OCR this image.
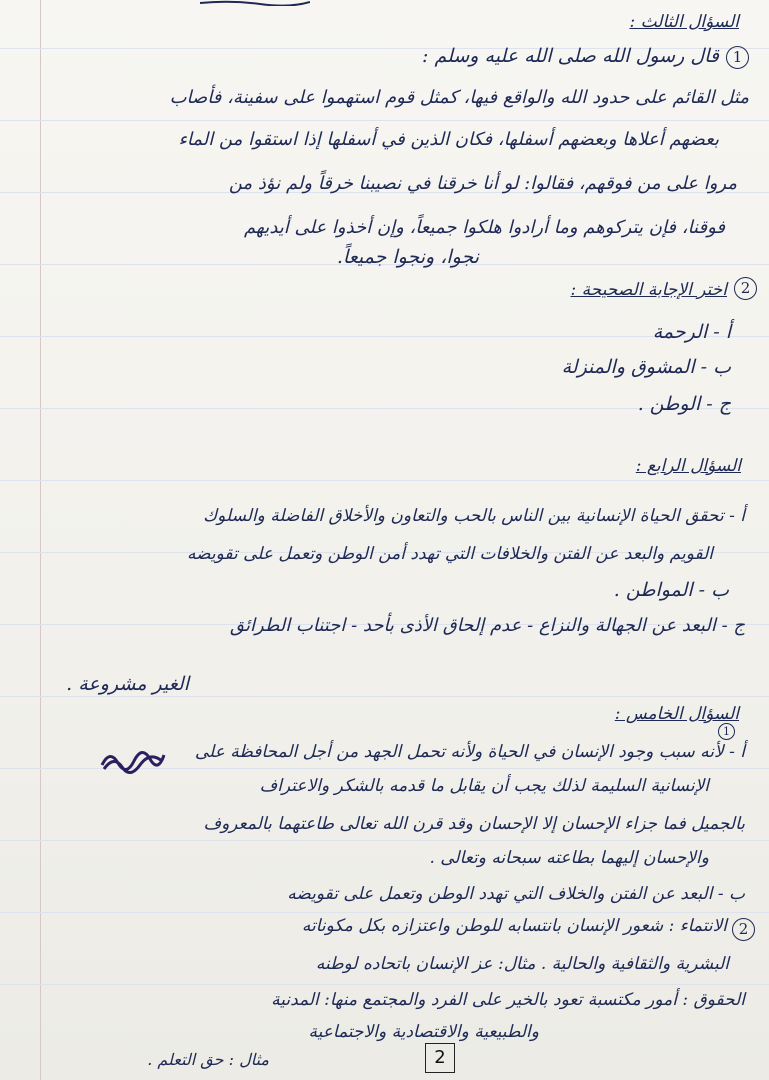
السؤال الثالث :
1
قال رسول الله صلى الله عليه وسلم :
مثل القائم على حدود الله والواقع فيها، كمثل قوم استهموا على سفينة، فأصاب
بعضهم أعلاها وبعضهم أسفلها، فكان الذين في أسفلها إذا استقوا من الماء
مروا على من فوقهم، فقالوا: لو أنا خرقنا في نصيبنا خرقاً ولم نؤذ من
فوقنا، فإن يتركوهم وما أرادوا هلكوا جميعاً، وإن أخذوا على أيديهم
نجوا، ونجوا جميعاً.
2
اختر الإجابة الصحيحة :
أ - الرحمة
ب - المشوق والمنزلة
ج - الوطن .
السؤال الرابع :
أ - تحقق الحياة الإنسانية بين الناس بالحب والتعاون والأخلاق الفاضلة والسلوك
القويم والبعد عن الفتن والخلافات التي تهدد أمن الوطن وتعمل على تقويضه
ب - المواطن .
ج - البعد عن الجهالة والنزاع - عدم إلحاق الأذى بأحد - اجتناب الطرائق
الغير مشروعة .
السؤال الخامس :
1
أ - لأنه سبب وجود الإنسان في الحياة ولأنه تحمل الجهد من أجل المحافظة على
الإنسانية السليمة لذلك يجب أن يقابل ما قدمه بالشكر والاعتراف
بالجميل فما جزاء الإحسان إلا الإحسان وقد قرن الله تعالى طاعتهما بالمعروف
والإحسان إليهما بطاعته سبحانه وتعالى .
ب - البعد عن الفتن والخلاف التي تهدد الوطن وتعمل على تقويضه
2
الانتماء : شعور الإنسان بانتسابه للوطن واعتزازه بكل مكوناته
البشرية والثقافية والحالية . مثال: عز الإنسان باتحاده لوطنه
الحقوق : أمور مكتسبة تعود بالخير على الفرد والمجتمع منها: المدنية
والطبيعية والاقتصادية والاجتماعية
مثال : حق التعلم .	2
